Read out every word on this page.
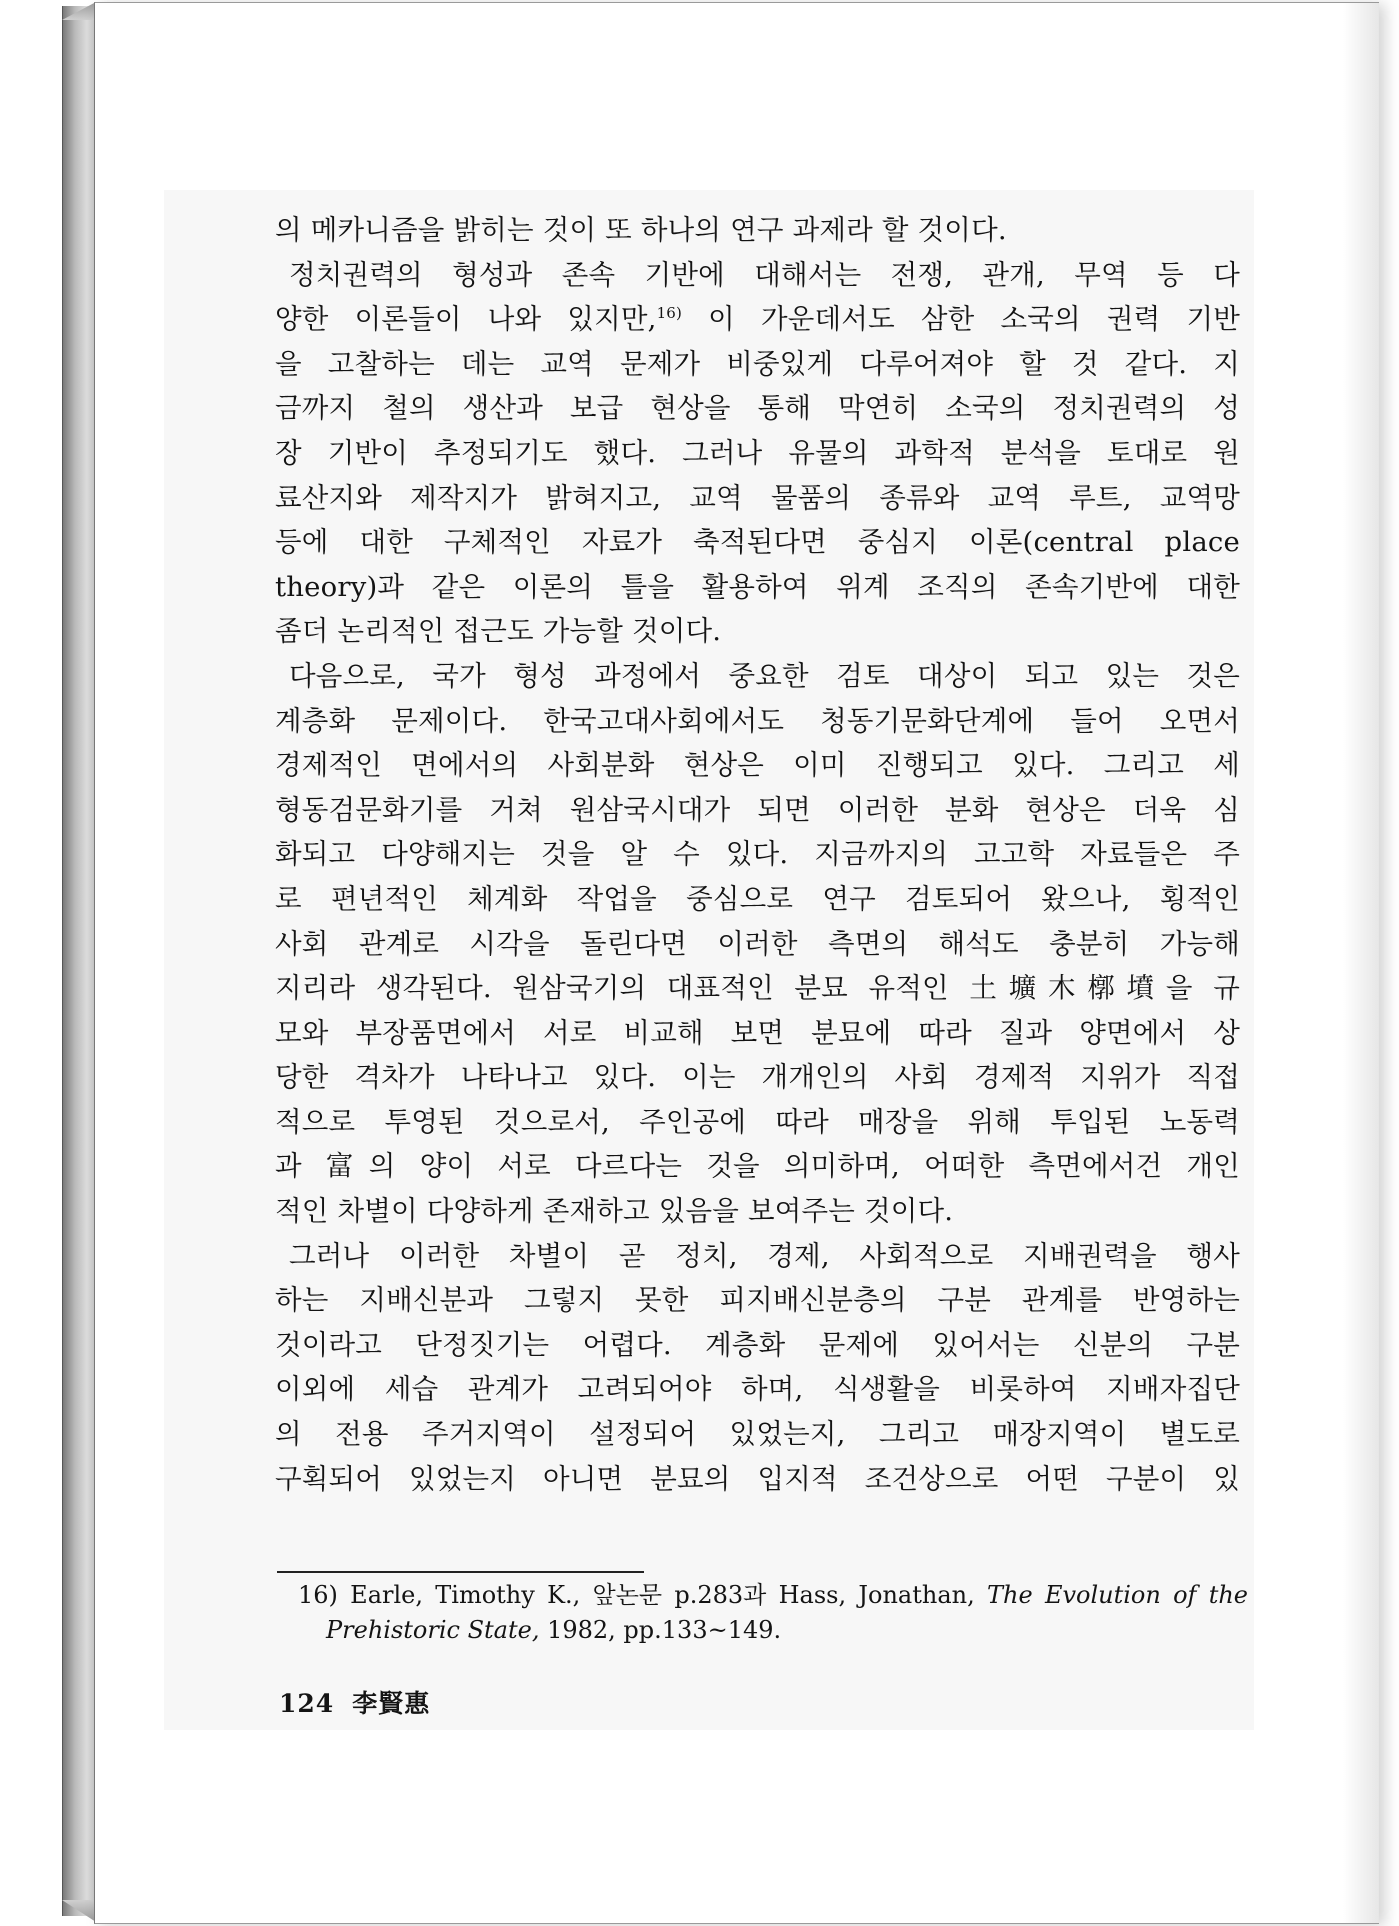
의 메카니즘을 밝히는 것이 또 하나의 연구 과제라 할 것이다.
정치권력의 형성과 존속 기반에 대해서는 전쟁, 관개, 무역 등 다
양한 이론들이 나와 있지만,$^{16)}$ 이 가운데서도 삼한 소국의 권력 기반
을 고찰하는 데는 교역 문제가 비중있게 다루어져야 할 것 같다. 지
금까지 철의 생산과 보급 현상을 통해 막연히 소국의 정치권력의 성
장 기반이 추정되기도 했다. 그러나 유물의 과학적 분석을 토대로 원
료산지와 제작지가 밝혀지고, 교역 물품의 종류와 교역 루트, 교역망
등에 대한 구체적인 자료가 축적된다면 중심지 이론(central place
theory)과 같은 이론의 틀을 활용하여 위계 조직의 존속기반에 대한
좀더 논리적인 접근도 가능할 것이다.
다음으로, 국가 형성 과정에서 중요한 검토 대상이 되고 있는 것은
계층화 문제이다. 한국고대사회에서도 청동기문화단계에 들어 오면서
경제적인 면에서의 사회분화 현상은 이미 진행되고 있다. 그리고 세
형동검문화기를 거쳐 원삼국시대가 되면 이러한 분화 현상은 더욱 심
화되고 다양해지는 것을 알 수 있다. 지금까지의 고고학 자료들은 주
로 편년적인 체계화 작업을 중심으로 연구 검토되어 왔으나, 횡적인
사회 관계로 시각을 돌린다면 이러한 측면의 해석도 충분히 가능해
지리라 생각된다. 원삼국기의 대표적인 분묘 유적인 土壙木槨墳을 규
모와 부장품면에서 서로 비교해 보면 분묘에 따라 질과 양면에서 상
당한 격차가 나타나고 있다. 이는 개개인의 사회 경제적 지위가 직접
적으로 투영된 것으로서, 주인공에 따라 매장을 위해 투입된 노동력
과 富의 양이 서로 다르다는 것을 의미하며, 어떠한 측면에서건 개인
적인 차별이 다양하게 존재하고 있음을 보여주는 것이다.
그러나 이러한 차별이 곧 정치, 경제, 사회적으로 지배권력을 행사
하는 지배신분과 그렇지 못한 피지배신분층의 구분 관계를 반영하는
것이라고 단정짓기는 어렵다. 계층화 문제에 있어서는 신분의 구분
이외에 세습 관계가 고려되어야 하며, 식생활을 비롯하여 지배자집단
의 전용 주거지역이 설정되어 있었는지, 그리고 매장지역이 별도로
구획되어 있었는지 아니면 분묘의 입지적 조건상으로 어떤 구분이 있
16) Earle, Timothy K., 앞논문 p.283과 Hass, Jonathan, The Evolution of the
Prehistoric State, 1982, pp.133~149.
124 李賢惠
